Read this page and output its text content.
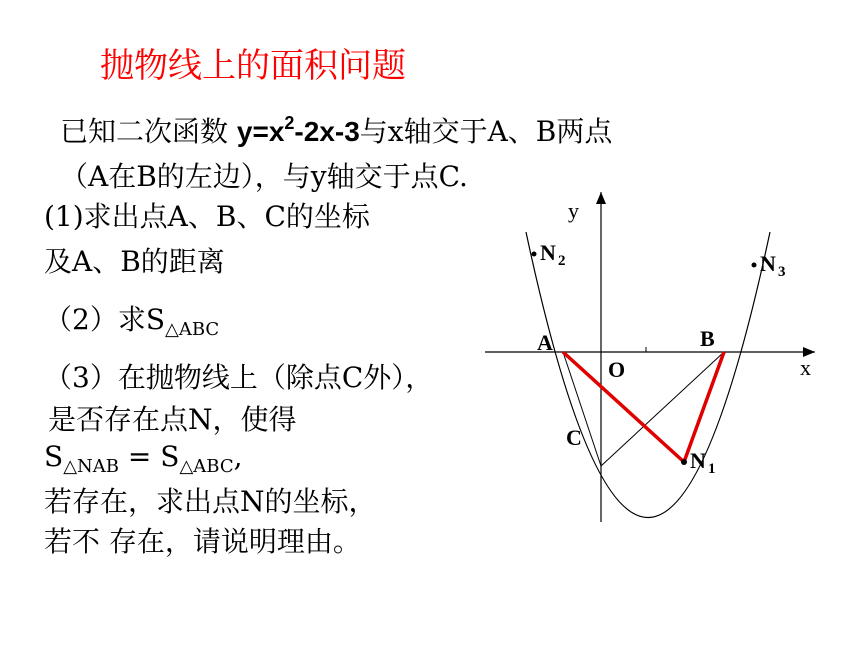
抛物线上的面积问题
已知二次函数 $y=x^2-2x-3$与x轴交于A、B两点
（A在B的左边），与y轴交于点C.
(1)求出点A、B、C的坐标
及A、B的距离
（2）求$S_{\triangle ABC}$
（3）在抛物线上（除点C外），
是否存在点N，使得
$S_{\triangle NAB} = S_{\triangle ABC}$,
若存在，求出点N的坐标，
若不 存在，请说明理由。
y
x
O
A	B
C
N 2	N 3
N 1
